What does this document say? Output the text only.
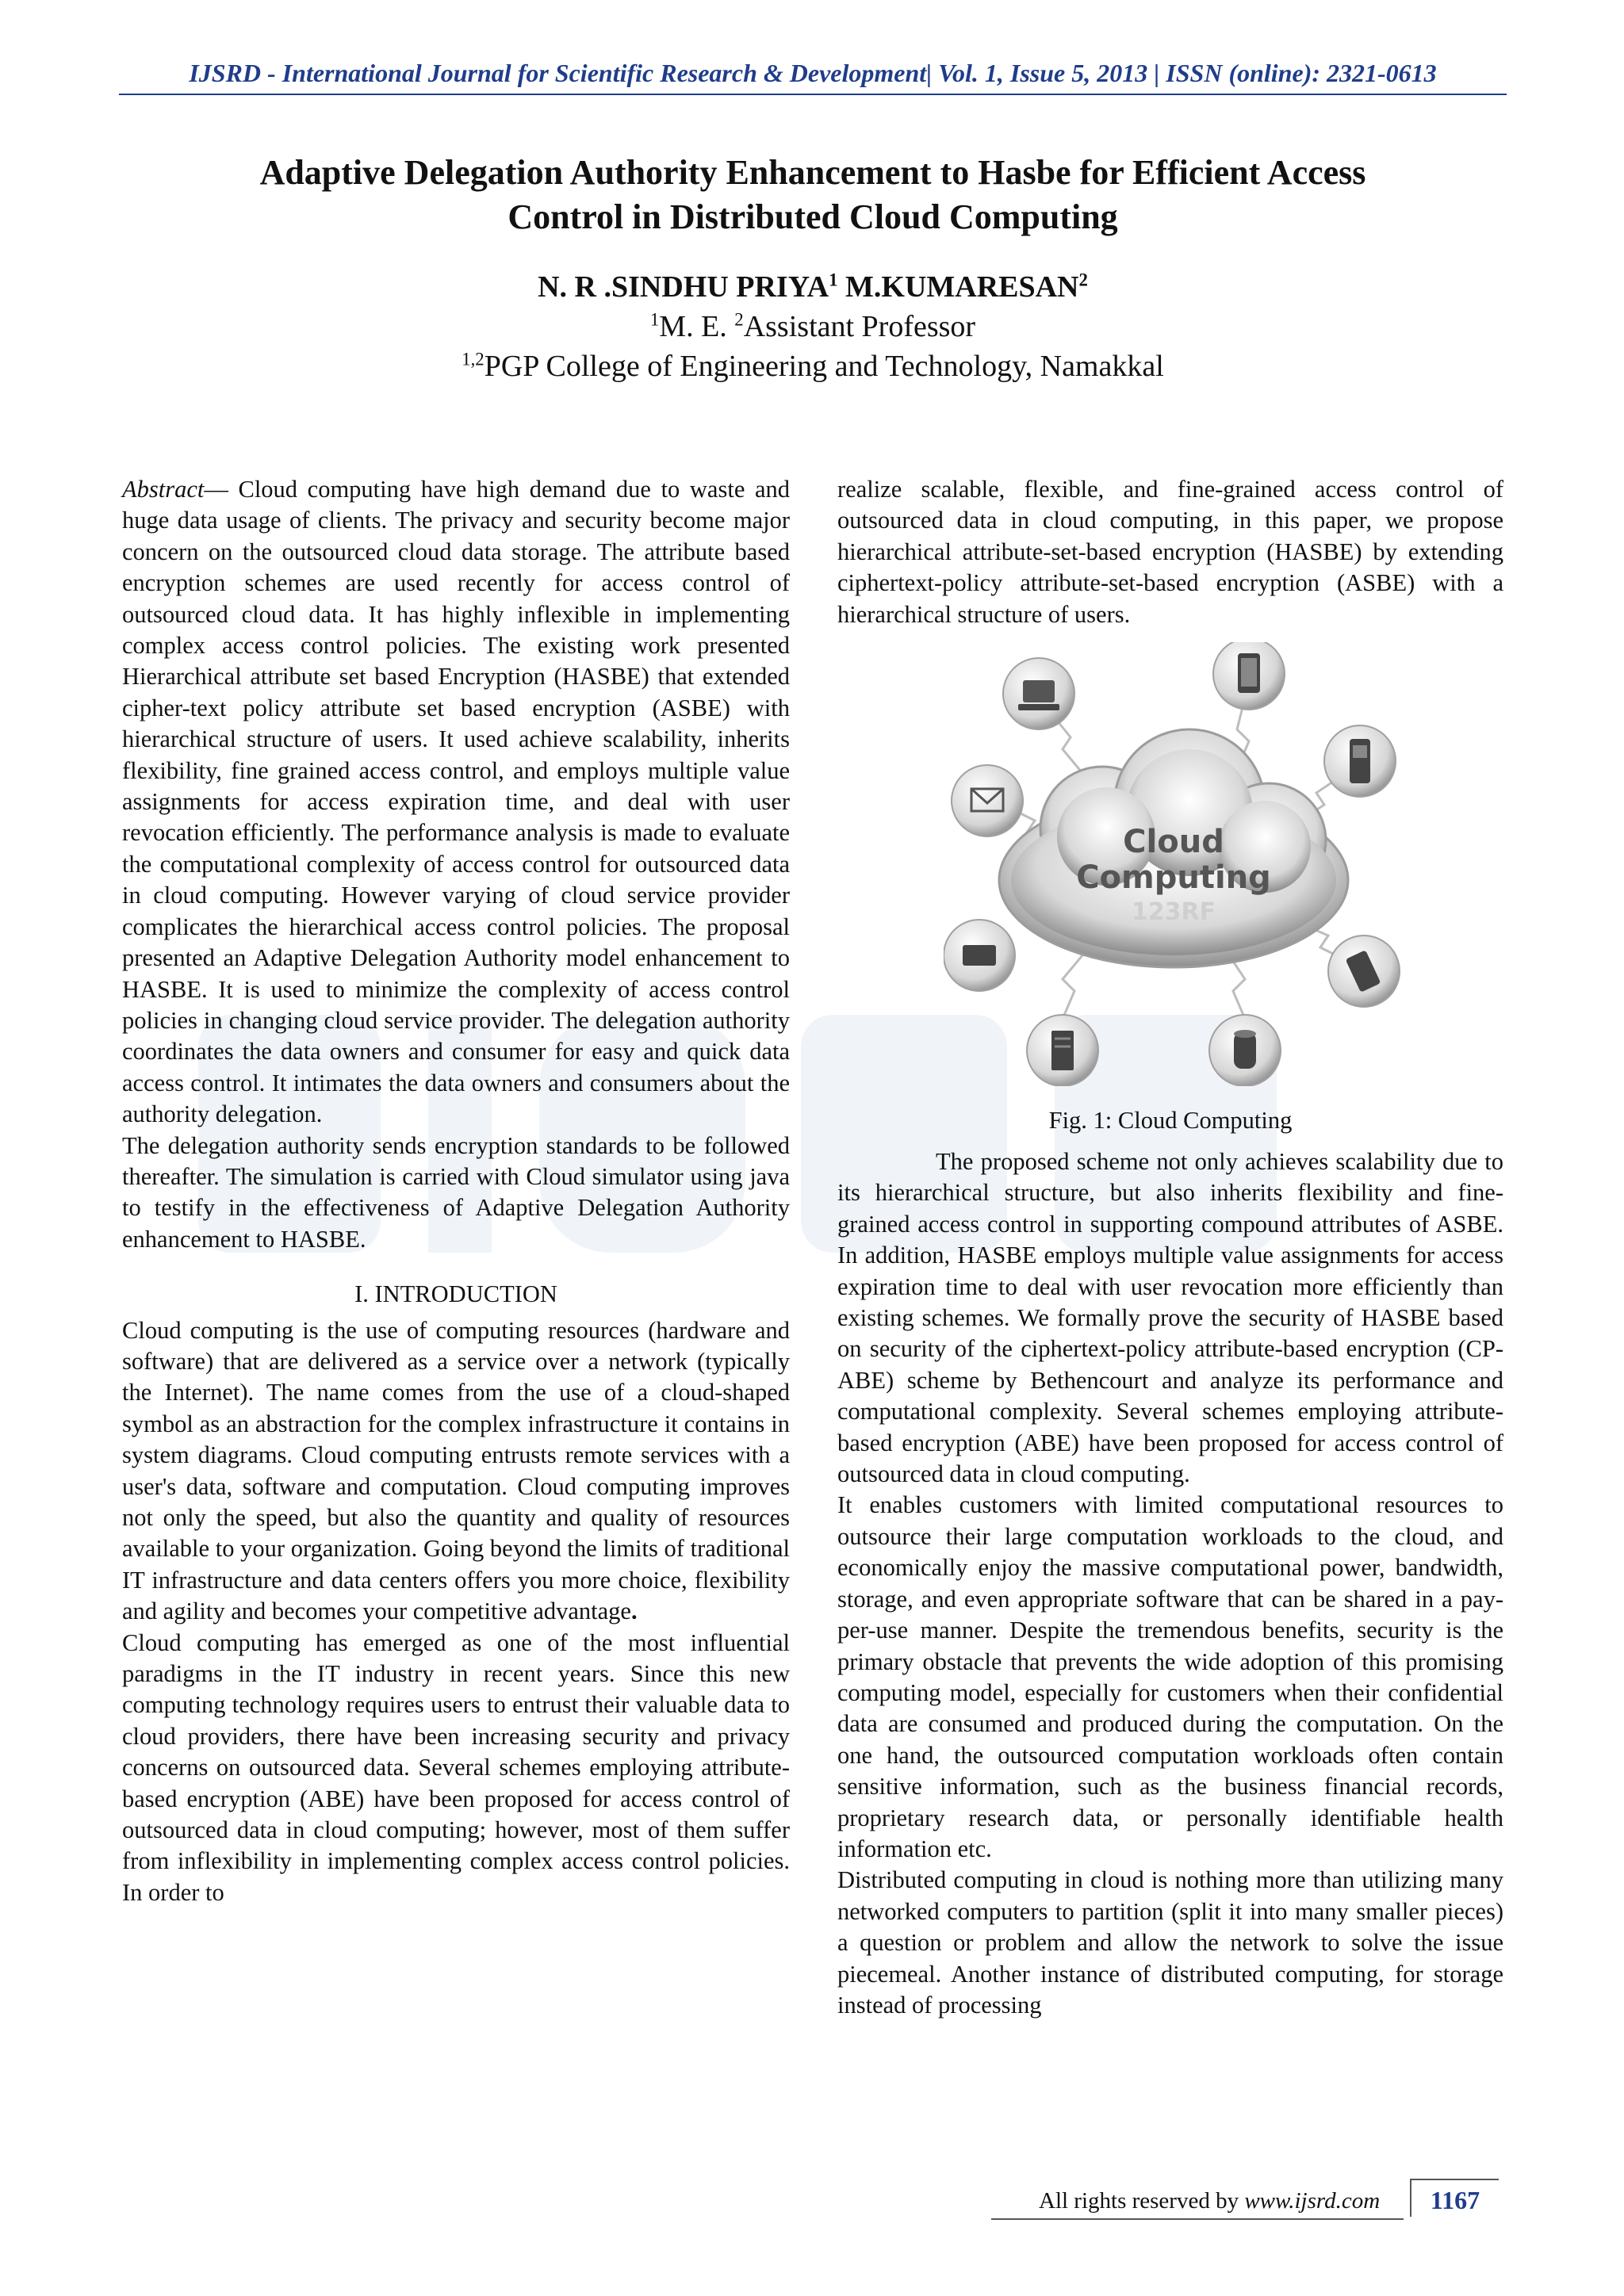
IJSRD - International Journal for Scientific Research & Development| Vol. 1, Issue 5, 2013 | ISSN (online): 2321-0613
Adaptive Delegation Authority Enhancement to Hasbe for Efficient Access
Control in Distributed Cloud Computing
N. R .SINDHU PRIYA$^1$ M.KUMARESAN$^2$
$^1$M. E. $^2$Assistant Professor
$^{1,2}$PGP College of Engineering and Technology, Namakkal

Abstract— Cloud computing have high demand due to waste and huge data usage of clients. The privacy and security become major concern on the outsourced cloud data storage. The attribute based encryption schemes are used recently for access control of outsourced cloud data. It has highly inflexible in implementing complex access control policies. The existing work presented Hierarchical attribute set based Encryption (HASBE) that extended cipher-text policy attribute set based encryption (ASBE) with hierarchical structure of users. It used achieve scalability, inherits flexibility, fine grained access control, and employs multiple value assignments for access expiration time, and deal with user revocation efficiently. The performance analysis is made to evaluate the computational complexity of access control for outsourced data in cloud computing. However varying of cloud service provider complicates the hierarchical access control policies. The proposal presented an Adaptive Delegation Authority model enhancement to HASBE. It is used to minimize the complexity of access control policies in changing cloud service provider. The delegation authority coordinates the data owners and consumer for easy and quick data access control. It intimates the data owners and consumers about the authority delegation.

The delegation authority sends encryption standards to be followed thereafter. The simulation is carried with Cloud simulator using java to testify in the effectiveness of Adaptive Delegation Authority enhancement to HASBE.

I. INTRODUCTION

Cloud computing is the use of computing resources (hardware and software) that are delivered as a service over a network (typically the Internet). The name comes from the use of a cloud-shaped symbol as an abstraction for the complex infrastructure it contains in system diagrams. Cloud computing entrusts remote services with a user's data, software and computation. Cloud computing improves not only the speed, but also the quantity and quality of resources available to your organization. Going beyond the limits of traditional IT infrastructure and data centers offers you more choice, flexibility and agility and becomes your competitive advantage.

Cloud computing has emerged as one of the most influential paradigms in the IT industry in recent years. Since this new computing technology requires users to entrust their valuable data to cloud providers, there have been increasing security and privacy concerns on outsourced data. Several schemes employing attribute-based encryption (ABE) have been proposed for access control of outsourced data in cloud computing; however, most of them suffer from inflexibility in implementing complex access control policies. In order to

realize scalable, flexible, and fine-grained access control of outsourced data in cloud computing, in this paper, we propose hierarchical attribute-set-based encryption (HASBE) by extending ciphertext-policy attribute-set-based encryption (ASBE) with a hierarchical structure of users.

Cloud
Computing
123RF
Fig. 1: Cloud Computing

The proposed scheme not only achieves scalability due to its hierarchical structure, but also inherits flexibility and fine-grained access control in supporting compound attributes of ASBE. In addition, HASBE employs multiple value assignments for access expiration time to deal with user revocation more efficiently than existing schemes. We formally prove the security of HASBE based on security of the ciphertext-policy attribute-based encryption (CP-ABE) scheme by Bethencourt and analyze its performance and computational complexity. Several schemes employing attribute-based encryption (ABE) have been proposed for access control of outsourced data in cloud computing.

It enables customers with limited computational resources to outsource their large computation workloads to the cloud, and economically enjoy the massive computational power, bandwidth, storage, and even appropriate software that can be shared in a pay-per-use manner. Despite the tremendous benefits, security is the primary obstacle that prevents the wide adoption of this promising computing model, especially for customers when their confidential data are consumed and produced during the computation. On the one hand, the outsourced computation workloads often contain sensitive information, such as the business financial records, proprietary research data, or personally identifiable health information etc.

Distributed computing in cloud is nothing more than utilizing many networked computers to partition (split it into many smaller pieces) a question or problem and allow the network to solve the issue piecemeal. Another instance of distributed computing, for storage instead of processing

All rights reserved by www.ijsrd.com	1167
